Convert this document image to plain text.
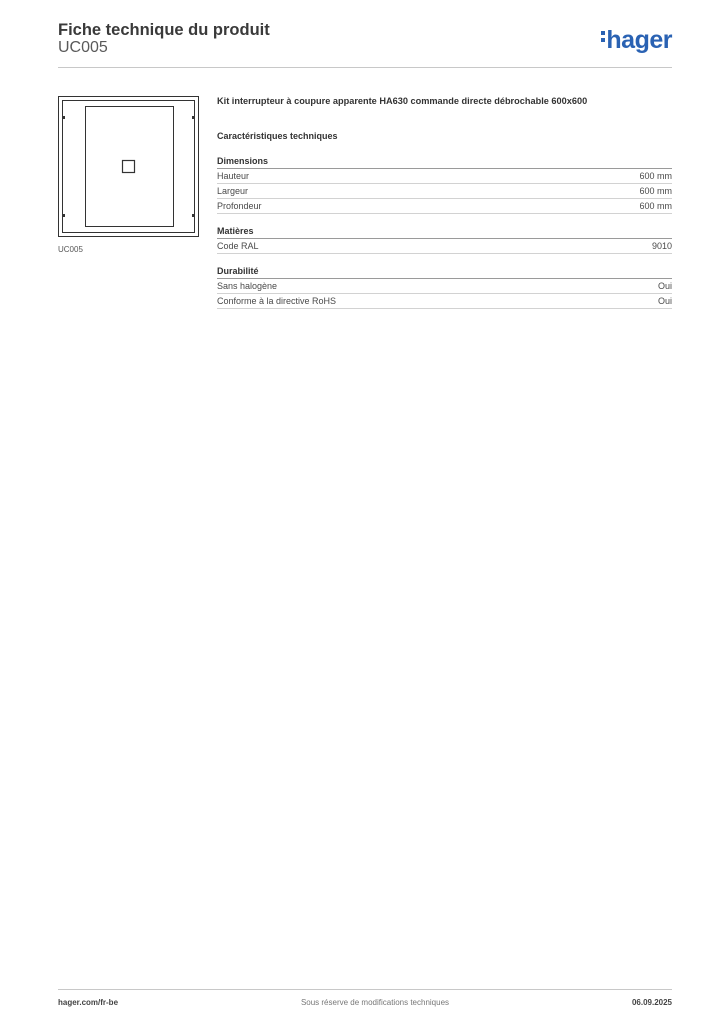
Fiche technique du produit
UC005	hager
UC005
Kit interrupteur à coupure apparente HA630 commande directe débrochable 600x600
Caractéristiques techniques
Dimensions
Hauteur	600 mm
Largeur	600 mm
Profondeur	600 mm
Matières
Code RAL	9010
Durabilité
Sans halogène	Oui
Conforme à la directive RoHS	Oui
hager.com/fr-be	Sous réserve de modifications techniques	06.09.2025
